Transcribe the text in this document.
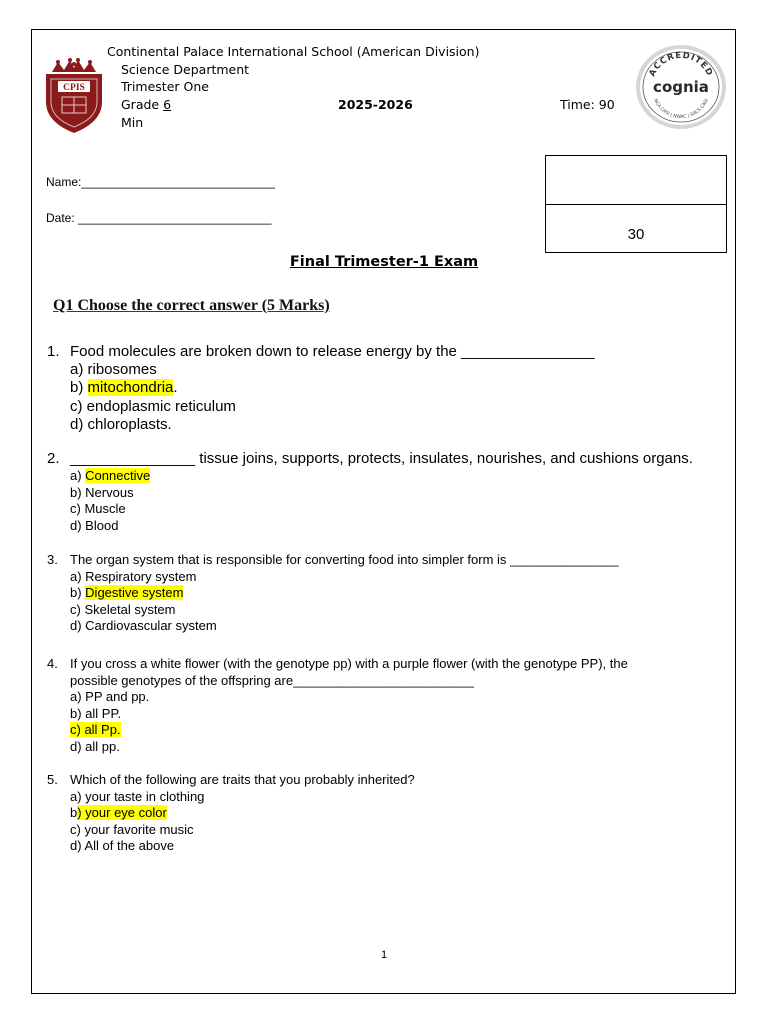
CPIS
Continental Palace International School (American Division)
Science Department
Trimester One
Grade 6	2025-2026	Time: 90
Min
ACCREDITED
cognia
NCA CASI | NWAC | SACS CASI
Name:_____________________________
Date: _____________________________
30
Final Trimester-1 Exam
Q1 Choose the correct answer (5 Marks)
1. Food molecules are broken down to release energy by the ________________
a) ribosomes
b) mitochondria.
c) endoplasmic reticulum
d) chloroplasts.
2. _______________ tissue joins, supports, protects, insulates, nourishes, and cushions organs.
a) Connective
b) Nervous
c) Muscle
d) Blood
3. The organ system that is responsible for converting food into simpler form is _______________
a) Respiratory system
b) Digestive system
c) Skeletal system
d) Cardiovascular system
4. If you cross a white flower (with the genotype pp) with a purple flower (with the genotype PP), the
possible genotypes of the offspring are_________________________
a) PP and pp.
b) all PP.
c) all Pp.
d) all pp.
5. Which of the following are traits that you probably inherited?
a) your taste in clothing
b) your eye color
c) your favorite music
d) All of the above
1
